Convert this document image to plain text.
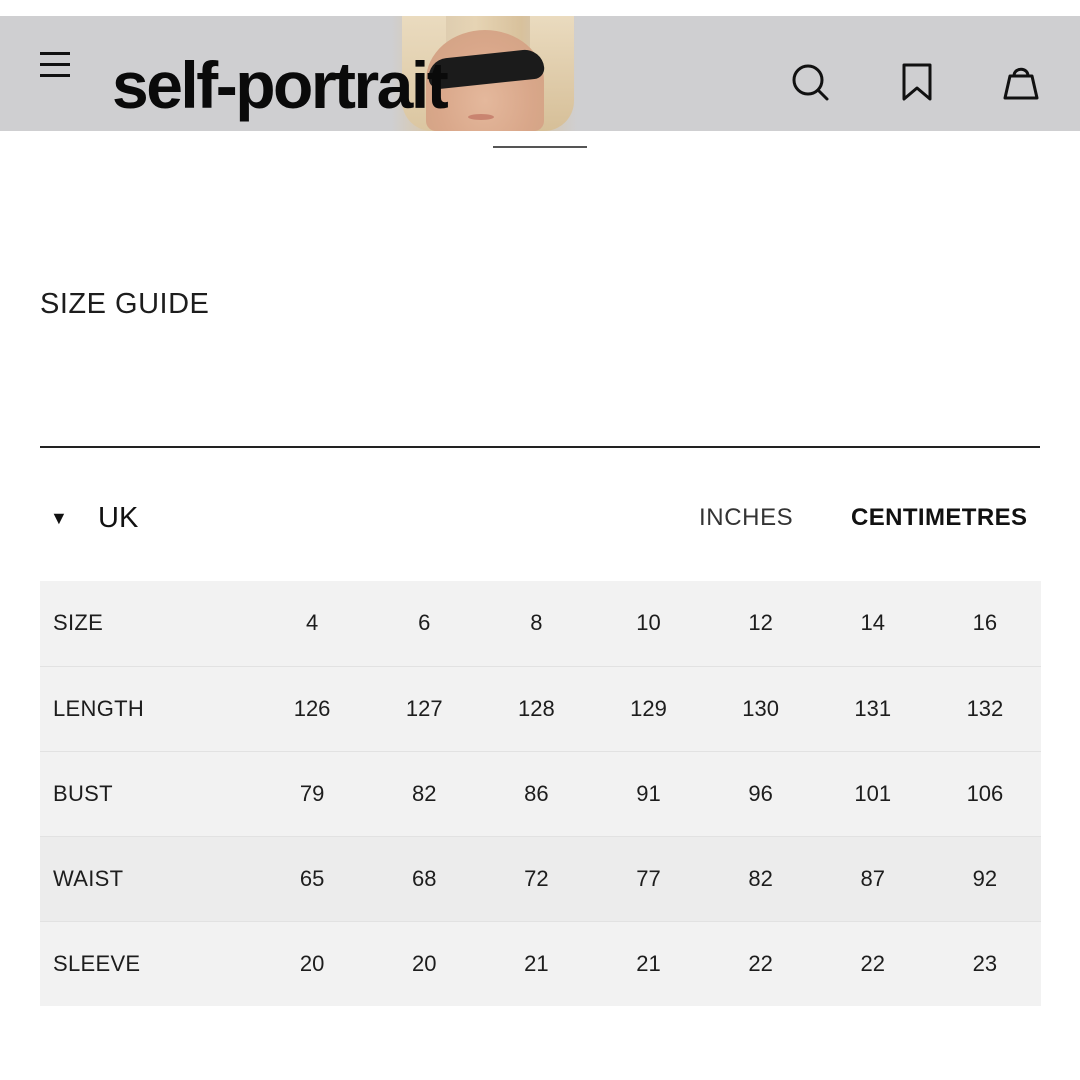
self-portrait
SIZE GUIDE
▼	UK	INCHES CENTIMETRES
SIZE	4	6	8	10	12	14	16
LENGTH	126	127	128	129	130	131	132
BUST	79	82	86	91	96	101	106
WAIST	65	68	72	77	82	87	92
SLEEVE	20	20	21	21	22	22	23
